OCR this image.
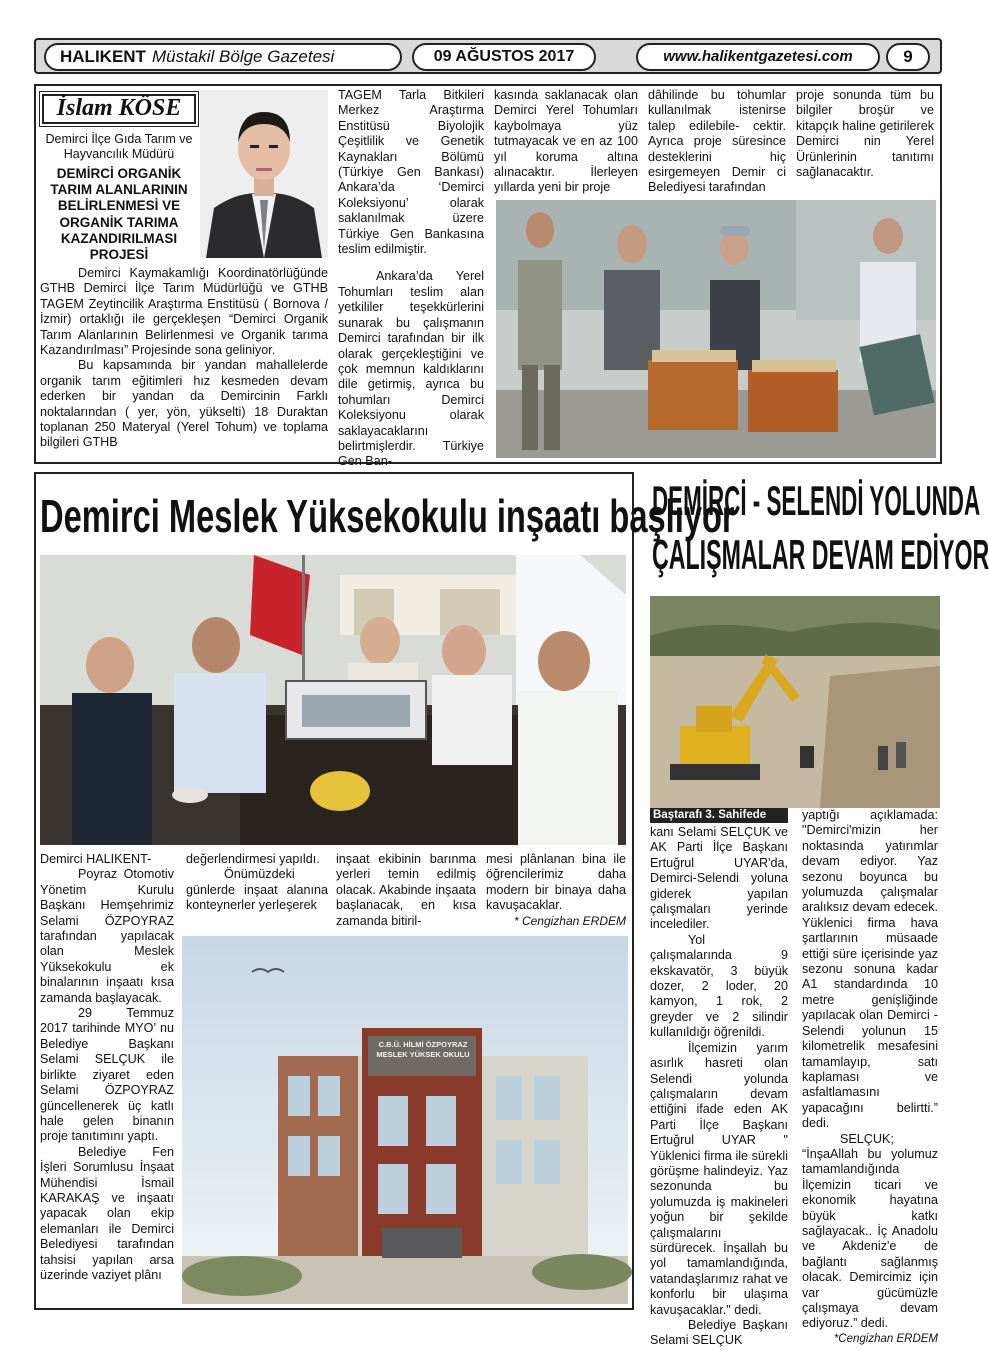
HALIKENT Müstakil Bölge Gazetesi	09 AĞUSTOS 2017	www.halikentgazetesi.com	9
İslam KÖSE
Demirci İlçe Gıda Tarım ve Hayvancılık Müdürü
DEMİRCİ ORGANİK TARIM ALANLARININ BELİRLENMESİ VE ORGANİK TARIMA KAZANDIRILMASI PROJESİ

Demirci Kaymakamlığı Koordinatörlüğünde GTHB Demirci İlçe Tarım Müdürlüğü ve GTHB TAGEM Zeytincilik Araştırma Enstitüsü ( Bornova / İzmir) ortaklığı ile gerçekleşen “Demirci Organik Tarım Alanlarının Belirlenmesi ve Organik tarıma Kazandırılması” Projesinde sona geliniyor.

Bu kapsamında bir yandan mahallelerde organik tarım eğitimleri hız kesmeden devam ederken bir yandan da Demircinin Farklı noktalarından ( yer, yön, yükselti) 18 Duraktan toplanan 250 Materyal (Yerel Tohum) ve toplama bilgileri GTHB

TAGEM Tarla Bitkileri Merkez Araştırma Enstitüsü Biyolojik Çeşitlilik ve Genetik Kaynakları Bölümü (Türkiye Gen Bankası) Ankara’da ‘Demirci Koleksiyonu’ olarak saklanılmak üzere Türkiye Gen Bankasına teslim edilmiştir.

Ankara’da Yerel Tohumları teslim alan yetkililer teşekkürlerini sunarak bu çalışmanın Demirci tarafından bir ilk olarak gerçekleştiğini ve çok memnun kaldıklarını dile getirmiş, ayrıca bu tohumları Demirci Koleksiyonu olarak saklayacaklarını belirtmişlerdir. Türkiye Gen Ban-

kasında saklanacak olan Demirci Yerel Tohumları kaybolmaya yüz tutmayacak ve en az 100 yıl koruma altına alınacaktır. İlerleyen yıllarda yeni bir proje
dâhilinde bu tohumlar kullanılmak istenirse talep edilebile- cektir. Ayrıca proje süresince desteklerini hiç esirgemeyen Demir ci Belediyesi tarafından
proje sonunda tüm bu bilgiler broşür ve kitapçık haline getirilerek Demirci nin Yerel Ürünlerinin tanıtımı sağlanacaktır.
Demirci Meslek Yüksekokulu inşaatı başlıyor

Demirci HALIKENT-

Poyraz Otomotiv Yönetim Kurulu Başkanı Hemşehrimiz Selami ÖZPOYRAZ tarafından yapılacak olan Meslek Yüksekokulu ek binalarının inşaatı kısa zamanda başlayacak.

29 Temmuz 2017 tarihinde MYO’ nu Belediye Başkanı Selami SELÇUK ile birlikte ziyaret eden Selami ÖZPOYRAZ güncellenerek üç katlı hale gelen binanın proje tanıtımını yaptı.

Belediye Fen İşleri Sorumlusu İnşaat Mühendisi İsmail KARAKAŞ ve inşaatı yapacak olan ekip elemanları ile Demirci Belediyesi tarafından tahsisi yapılan arsa üzerinde vaziyet plânı

değerlendirmesi yapıldı.

Önümüzdeki günlerde inşaat alanına konteynerler yerleşerek

inşaat ekibinin barınma yerleri temin edilmiş olacak. Akabinde inşaata başlanacak, en kısa zamanda bitiril-
mesi plânlanan bina ile öğrencilerimiz daha modern bir binaya daha kavuşacaklar.
* Cengizhan ERDEM
C.B.Ü. HİLMİ ÖZPOYRAZ
MESLEK YÜKSEK OKULU
DEMİRCİ - SELENDİ YOLUNDA
ÇALIŞMALAR DEVAM EDİYOR
Baştarafı 3. Sahifede

kanı Selami SELÇUK ve AK Parti İlçe Başkanı Ertuğrul UYAR'da, Demirci-Selendi yoluna giderek yapılan çalışmaları yerinde incelediler.

Yol çalışmalarında 9 ekskavatör, 3 büyük dozer, 2 loder, 20 kamyon, 1 rok, 2 greyder ve 2 silindir kullanıldığı öğrenildi.

İlçemizin yarım asırlık hasreti olan Selendi yolunda çalışmaların devam ettiğini ifade eden AK Parti İlçe Başkanı Ertuğrul UYAR " Yüklenici firma ile sürekli görüşme halindeyiz. Yaz sezonunda bu yolumuzda iş makineleri yoğun bir şekilde çalışmalarını sürdürecek. İnşallah bu yol tamamlandığında, vatandaşlarımız rahat ve konforlu bir ulaşıma kavuşacaklar." dedi.

Belediye Başkanı Selami SELÇUK

yaptığı açıklamada: "Demirci'mizin her noktasında yatırımlar devam ediyor. Yaz sezonu boyunca bu yolumuzda çalışmalar aralıksız devam edecek. Yüklenici firma hava şartlarının müsaade ettiği süre içerisinde yaz sezonu sonuna kadar A1 standardında 10 metre genişliğinde yapılacak olan Demirci - Selendi yolunun 15 kilometrelik mesafesini tamamlayıp, satı kaplaması ve asfaltlamasını yapacağını belirtti.” dedi.

SELÇUK; “İnşaAllah bu yolumuz tamamlandığında İlçemizin ticari ve ekonomik hayatına büyük katkı sağlayacak.. İç Anadolu ve Akdeniz'e de bağlantı sağlanmış olacak. Demircimiz için var gücümüzle çalışmaya devam ediyoruz.” dedi.

*Cengizhan ERDEM
